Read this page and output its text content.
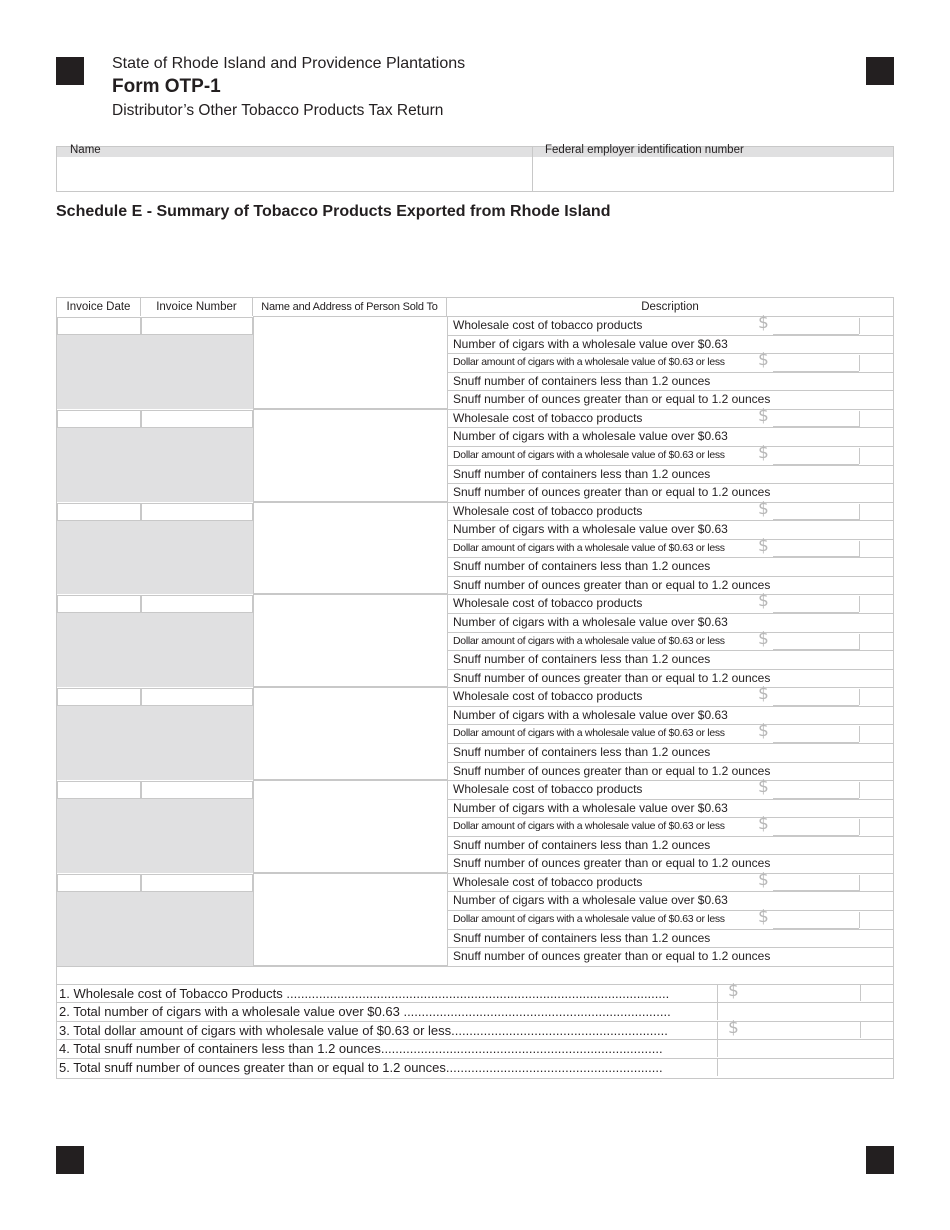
State of Rhode Island and Providence Plantations
Form OTP-1
Distributor’s Other Tobacco Products Tax Return
Name	Federal employer identification number
Schedule E - Summary of Tobacco Products Exported from Rhode Island
Invoice Date	Invoice Number	Name and Address of Person Sold To	Description
Wholesale cost of tobacco products	$
Number of cigars with a wholesale value over $0.63
Dollar amount of cigars with a wholesale value of $0.63 or less $
Snuff number of containers less than 1.2 ounces
Snuff number of ounces greater than or equal to 1.2 ounces
Wholesale cost of tobacco products	$
Number of cigars with a wholesale value over $0.63
Dollar amount of cigars with a wholesale value of $0.63 or less $
Snuff number of containers less than 1.2 ounces
Snuff number of ounces greater than or equal to 1.2 ounces
Wholesale cost of tobacco products	$
Number of cigars with a wholesale value over $0.63
Dollar amount of cigars with a wholesale value of $0.63 or less $
Snuff number of containers less than 1.2 ounces
Snuff number of ounces greater than or equal to 1.2 ounces
Wholesale cost of tobacco products	$
Number of cigars with a wholesale value over $0.63
Dollar amount of cigars with a wholesale value of $0.63 or less $
Snuff number of containers less than 1.2 ounces
Snuff number of ounces greater than or equal to 1.2 ounces
Wholesale cost of tobacco products	$
Number of cigars with a wholesale value over $0.63
Dollar amount of cigars with a wholesale value of $0.63 or less $
Snuff number of containers less than 1.2 ounces
Snuff number of ounces greater than or equal to 1.2 ounces
Wholesale cost of tobacco products	$
Number of cigars with a wholesale value over $0.63
Dollar amount of cigars with a wholesale value of $0.63 or less $
Snuff number of containers less than 1.2 ounces
Snuff number of ounces greater than or equal to 1.2 ounces
Wholesale cost of tobacco products	$
Number of cigars with a wholesale value over $0.63
Dollar amount of cigars with a wholesale value of $0.63 or less $
Snuff number of containers less than 1.2 ounces
Snuff number of ounces greater than or equal to 1.2 ounces
1. Wholesale cost of Tobacco Products ..........................................................................................................	$
2. Total number of cigars with a wholesale value over $0.63 ..........................................................................
3. Total dollar amount of cigars with wholesale value of $0.63 or less............................................................	$
4. Total snuff number of containers less than 1.2 ounces..............................................................................
5. Total snuff number of ounces greater than or equal to 1.2 ounces............................................................
